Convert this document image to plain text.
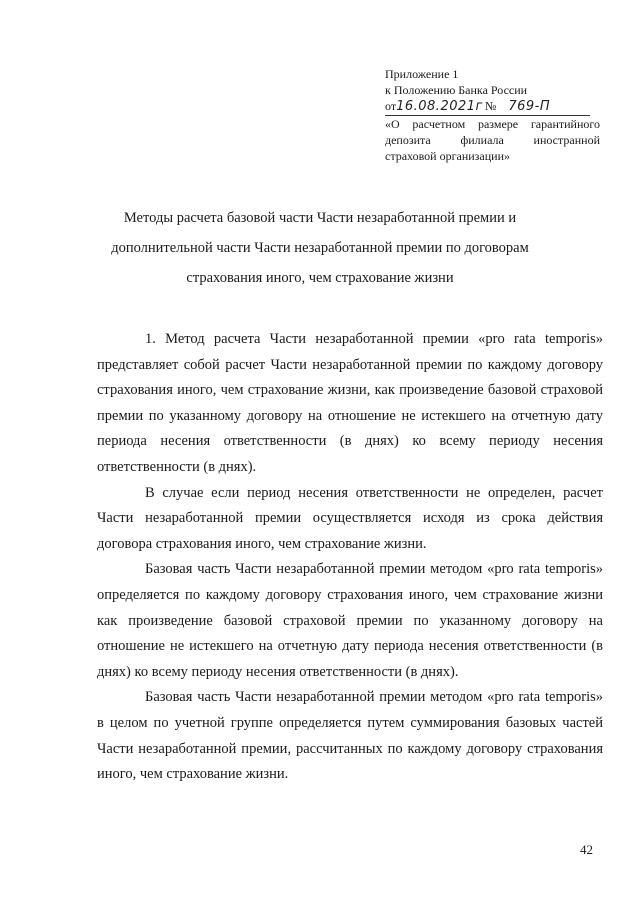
Приложение 1
к Положению Банка России
от16.08.2021г № 769-П
«О расчетном размере гарантийного депозита филиала иностранной страховой организации»
Методы расчета базовой части Части незаработанной премии и дополнительной части Части незаработанной премии по договорам страхования иного, чем страхование жизни

1. Метод расчета Части незаработанной премии «pro rata temporis» представляет собой расчет Части незаработанной премии по каждому договору страхования иного, чем страхование жизни, как произведение базовой страховой премии по указанному договору на отношение не истекшего на отчетную дату периода несения ответственности (в днях) ко всему периоду несения ответственности (в днях).

В случае если период несения ответственности не определен, расчет Части незаработанной премии осуществляется исходя из срока действия договора страхования иного, чем страхование жизни.

Базовая часть Части незаработанной премии методом «pro rata temporis» определяется по каждому договору страхования иного, чем страхование жизни как произведение базовой страховой премии по указанному договору на отношение не истекшего на отчетную дату периода несения ответственности (в днях) ко всему периоду несения ответственности (в днях).

Базовая часть Части незаработанной премии методом «pro rata temporis» в целом по учетной группе определяется путем суммирования базовых частей Части незаработанной премии, рассчитанных по каждому договору страхования иного, чем страхование жизни.

42
